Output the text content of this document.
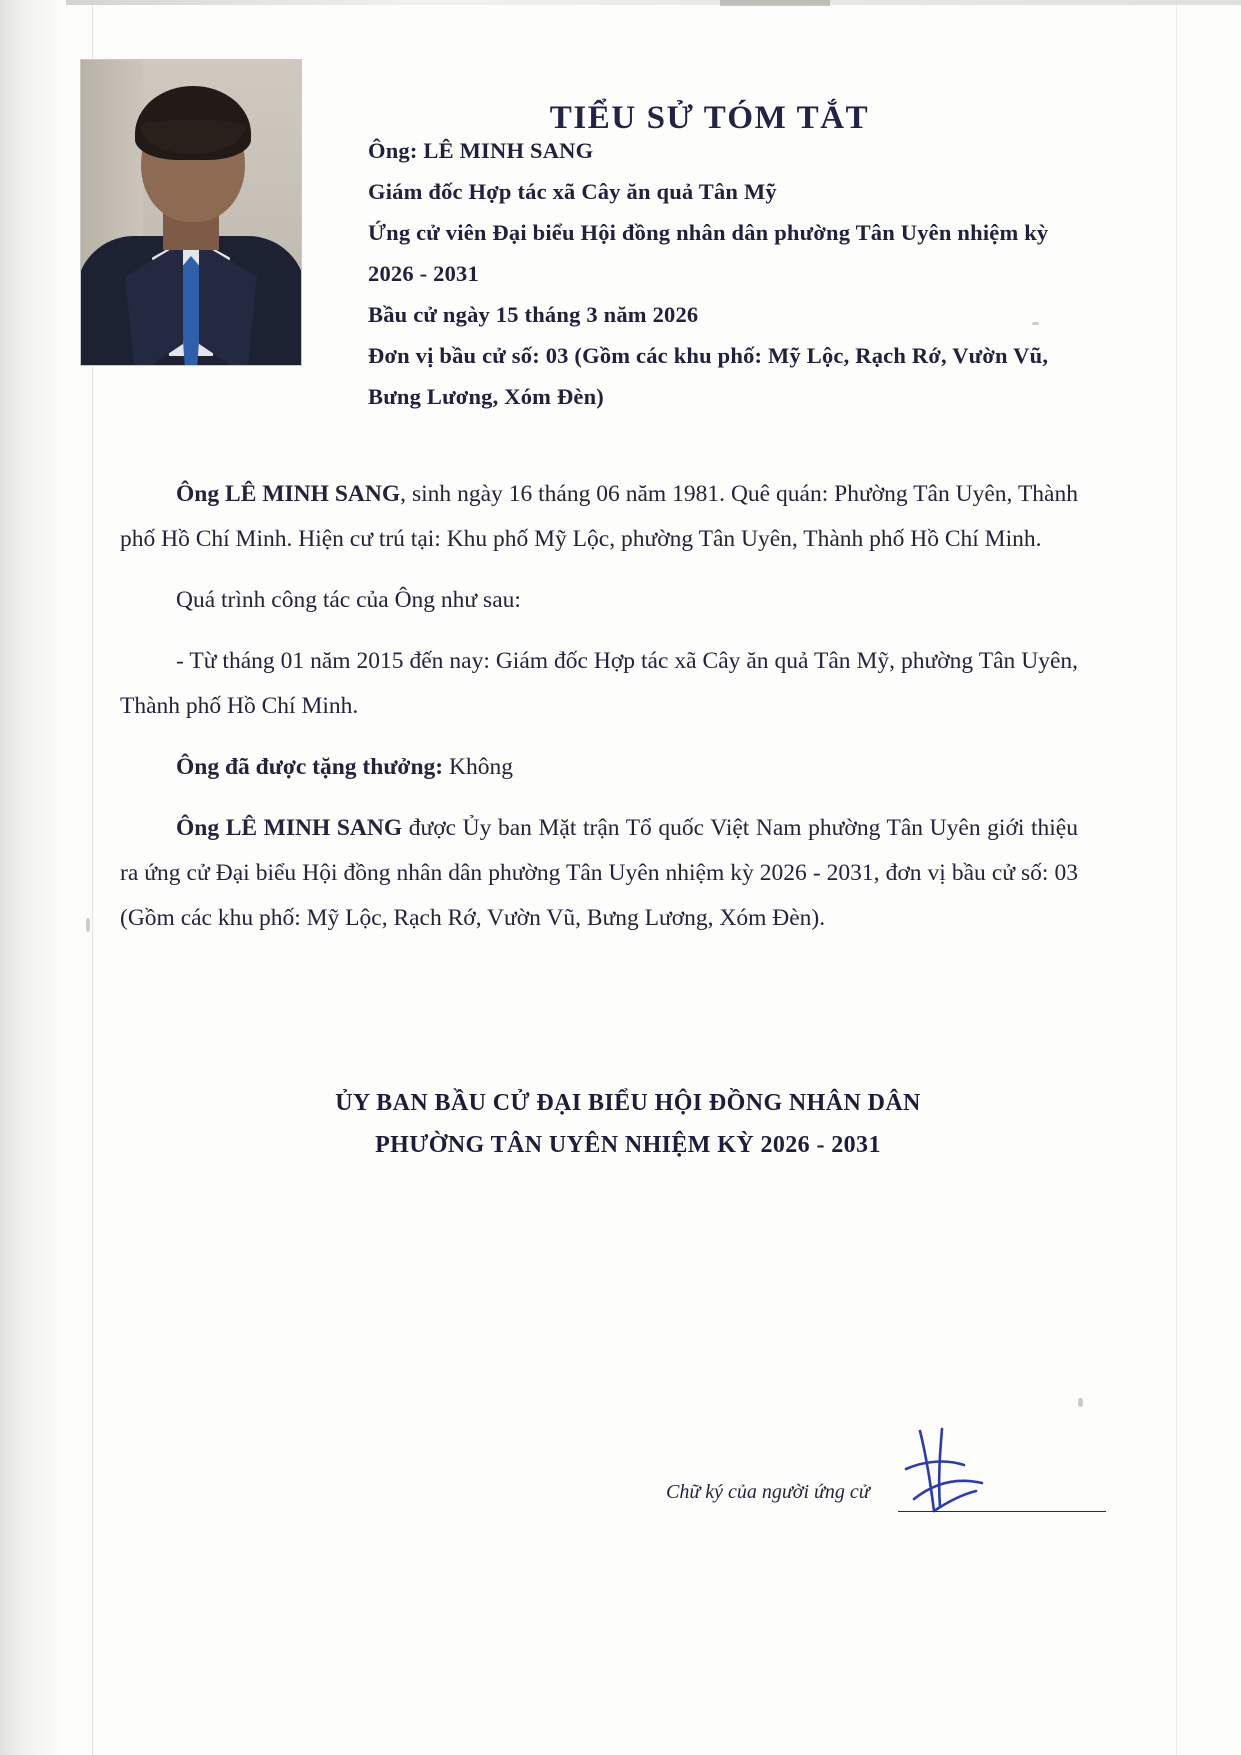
TIỂU SỬ TÓM TẮT
Ông: LÊ MINH SANG
Giám đốc Hợp tác xã Cây ăn quả Tân Mỹ
Ứng cử viên Đại biểu Hội đồng nhân dân phường Tân Uyên nhiệm kỳ 2026 - 2031
Bầu cử ngày 15 tháng 3 năm 2026
Đơn vị bầu cử số: 03 (Gồm các khu phố: Mỹ Lộc, Rạch Rớ, Vườn Vũ, Bưng Lương, Xóm Đèn)

Ông LÊ MINH SANG, sinh ngày 16 tháng 06 năm 1981. Quê quán: Phường Tân Uyên, Thành phố Hồ Chí Minh. Hiện cư trú tại: Khu phố Mỹ Lộc, phường Tân Uyên, Thành phố Hồ Chí Minh.

Quá trình công tác của Ông như sau:

- Từ tháng 01 năm 2015 đến nay: Giám đốc Hợp tác xã Cây ăn quả Tân Mỹ, phường Tân Uyên, Thành phố Hồ Chí Minh.

Ông đã được tặng thưởng: Không

Ông LÊ MINH SANG được Ủy ban Mặt trận Tổ quốc Việt Nam phường Tân Uyên giới thiệu ra ứng cử Đại biểu Hội đồng nhân dân phường Tân Uyên nhiệm kỳ 2026 - 2031, đơn vị bầu cử số: 03 (Gồm các khu phố: Mỹ Lộc, Rạch Rớ, Vườn Vũ, Bưng Lương, Xóm Đèn).

ỦY BAN BẦU CỬ ĐẠI BIỂU HỘI ĐỒNG NHÂN DÂN
PHƯỜNG TÂN UYÊN NHIỆM KỲ 2026 - 2031
Chữ ký của người ứng cử
